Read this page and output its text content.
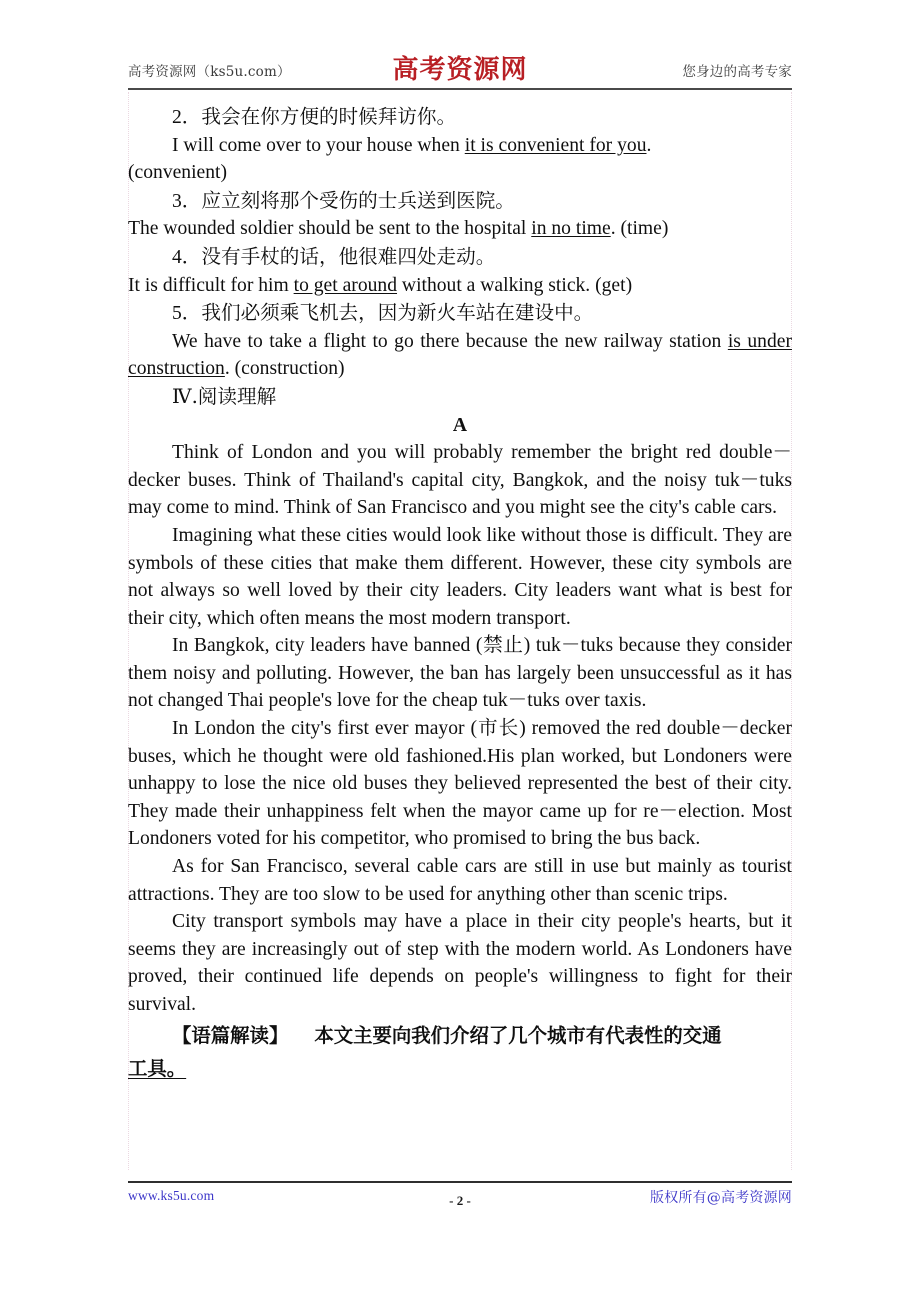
高考资源网（ks5u.com）	高考资源网	您身边的高考专家
2．我会在你方便的时候拜访你。

I will come over to your house when it is convenient for you.
(convenient)

3．应立刻将那个受伤的士兵送到医院。
The wounded soldier should be sent to the hospital in no time. (time)
4．没有手杖的话，他很难四处走动。
It is difficult for him to get around without a walking stick. (get)
5．我们必须乘飞机去，因为新火车站在建设中。

We have to take a flight to go there because the new railway station is under construction. (construction)

Ⅳ.阅读理解
A

Think of London and you will probably remember the bright red double－decker buses. Think of Thailand's capital city, Bangkok, and the noisy tuk－tuks may come to mind. Think of San Francisco and you might see the city's cable cars.

Imagining what these cities would look like without those is difficult. They are symbols of these cities that make them different. However, these city symbols are not always so well loved by their city leaders. City leaders want what is best for their city, which often means the most modern transport.

In Bangkok, city leaders have banned (禁止) tuk－tuks because they consider them noisy and polluting. However, the ban has largely been unsuccessful as it has not changed Thai people's love for the cheap tuk－tuks over taxis.

In London the city's first ever mayor (市长) removed the red double－decker buses, which he thought were old fashioned.His plan worked, but Londoners were unhappy to lose the nice old buses they believed represented the best of their city. They made their unhappiness felt when the mayor came up for re－election. Most Londoners voted for his competitor, who promised to bring the bus back.

As for San Francisco, several cable cars are still in use but mainly as tourist attractions. They are too slow to be used for anything other than scenic trips.

City transport symbols may have a place in their city people's hearts, but it seems they are increasingly out of step with the modern world. As Londoners have proved, their continued life depends on people's willingness to fight for their survival.

【语篇解读】 本文主要向我们介绍了几个城市有代表性的交通
工具。
www.ks5u.com	- 2 -	版权所有@高考资源网
